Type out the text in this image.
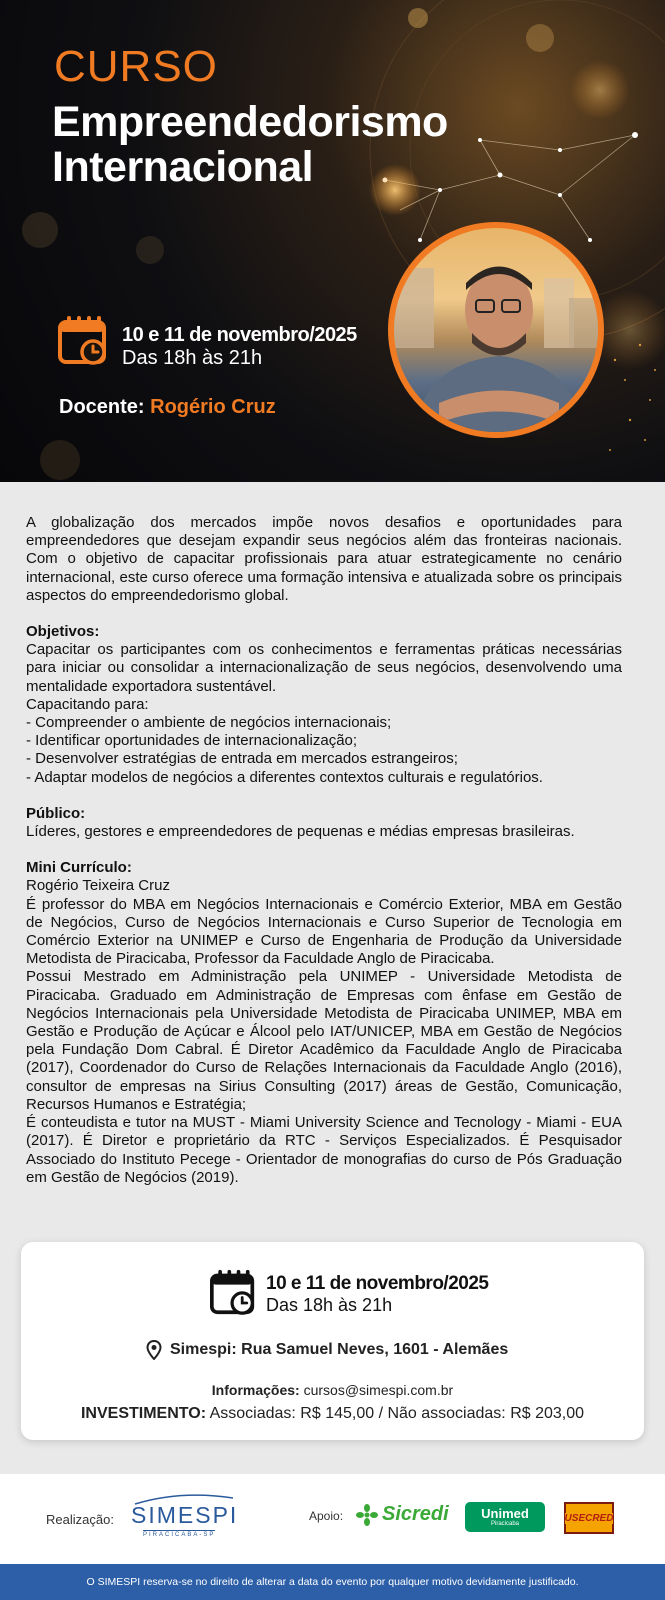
CURSO
Empreendedorismo Internacional
10 e 11 de novembro/2025
Das 18h às 21h
Docente: Rogério Cruz

A globalização dos mercados impõe novos desafios e oportunidades para empreendedores que desejam expandir seus negócios além das fronteiras nacionais. Com o objetivo de capacitar profissionais para atuar estrategicamente no cenário internacional, este curso oferece uma formação intensiva e atualizada sobre os principais aspectos do empreendedorismo global.

Objetivos:

Capacitar os participantes com os conhecimentos e ferramentas práticas necessárias para iniciar ou consolidar a internacionalização de seus negócios, desenvolvendo uma mentalidade exportadora sustentável.

Capacitando para:

- Compreender o ambiente de negócios internacionais;

- Identificar oportunidades de internacionalização;

- Desenvolver estratégias de entrada em mercados estrangeiros;

- Adaptar modelos de negócios a diferentes contextos culturais e regulatórios.

Público:

Líderes, gestores e empreendedores de pequenas e médias empresas brasileiras.

Mini Currículo:

Rogério Teixeira Cruz

É professor do MBA em Negócios Internacionais e Comércio Exterior, MBA em Gestão de Negócios, Curso de Negócios Internacionais e Curso Superior de Tecnologia em Comércio Exterior na UNIMEP e Curso de Engenharia de Produção da Universidade Metodista de Piracicaba, Professor da Faculdade Anglo de Piracicaba.

Possui Mestrado em Administração pela UNIMEP - Universidade Metodista de Piracicaba. Graduado em Administração de Empresas com ênfase em Gestão de Negócios Internacionais pela Universidade Metodista de Piracicaba UNIMEP, MBA em Gestão e Produção de Açúcar e Álcool pelo IAT/UNICEP, MBA em Gestão de Negócios pela Fundação Dom Cabral. É Diretor Acadêmico da Faculdade Anglo de Piracicaba (2017), Coordenador do Curso de Relações Internacionais da Faculdade Anglo (2016), consultor de empresas na Sirius Consulting (2017) áreas de Gestão, Comunicação, Recursos Humanos e Estratégia;

É conteudista e tutor na MUST - Miami University Science and Tecnology - Miami - EUA (2017). É Diretor e proprietário da RTC - Serviços Especializados. É Pesquisador Associado do Instituto Pecege - Orientador de monografias do curso de Pós Graduação em Gestão de Negócios (2019).

10 e 11 de novembro/2025
Das 18h às 21h
Simespi: Rua Samuel Neves, 1601 - Alemães
Informações: cursos@simespi.com.br
INVESTIMENTO: Associadas: R$ 145,00 / Não associadas: R$ 203,00
Realização: SIMESPI
PIRACICABA-SP
Apoio: Sicredi	Unimed
Piracicaba
USECRED
O SIMESPI reserva-se no direito de alterar a data do evento por qualquer motivo devidamente justificado.
